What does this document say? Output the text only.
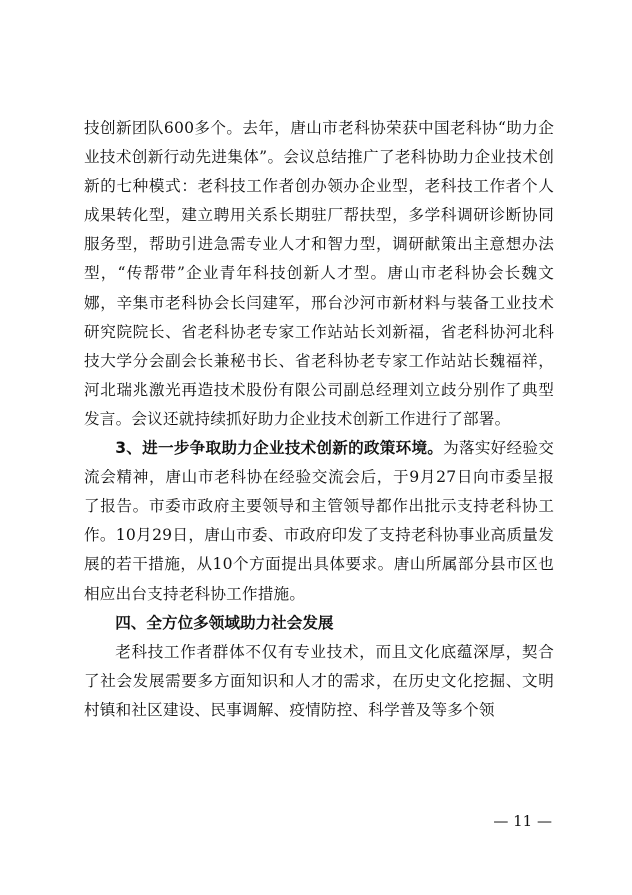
技创新团队600多个。去年，唐山市老科协荣获中国老科协“助力企业技术创新行动先进集体”。会议总结推广了老科协助力企业技术创新的七种模式：老科技工作者创办领办企业型，老科技工作者个人成果转化型，建立聘用关系长期驻厂帮扶型，多学科调研诊断协同服务型，帮助引进急需专业人才和智力型，调研献策出主意想办法型，“传帮带”企业青年科技创新人才型。唐山市老科协会长魏文娜，辛集市老科协会长闫建军，邢台沙河市新材料与装备工业技术研究院院长、省老科协老专家工作站站长刘新福，省老科协河北科技大学分会副会长兼秘书长、省老科协老专家工作站站长魏福祥，河北瑞兆激光再造技术股份有限公司副总经理刘立歧分别作了典型发言。会议还就持续抓好助力企业技术创新工作进行了部署。

3、进一步争取助力企业技术创新的政策环境。为落实好经验交流会精神，唐山市老科协在经验交流会后，于9月27日向市委呈报了报告。市委市政府主要领导和主管领导都作出批示支持老科协工作。10月29日，唐山市委、市政府印发了支持老科协事业高质量发展的若干措施，从10个方面提出具体要求。唐山所属部分县市区也相应出台支持老科协工作措施。

四、全方位多领域助力社会发展

老科技工作者群体不仅有专业技术，而且文化底蕴深厚，契合了社会发展需要多方面知识和人才的需求，在历史文化挖掘、文明村镇和社区建设、民事调解、疫情防控、科学普及等多个领

— 11 —
